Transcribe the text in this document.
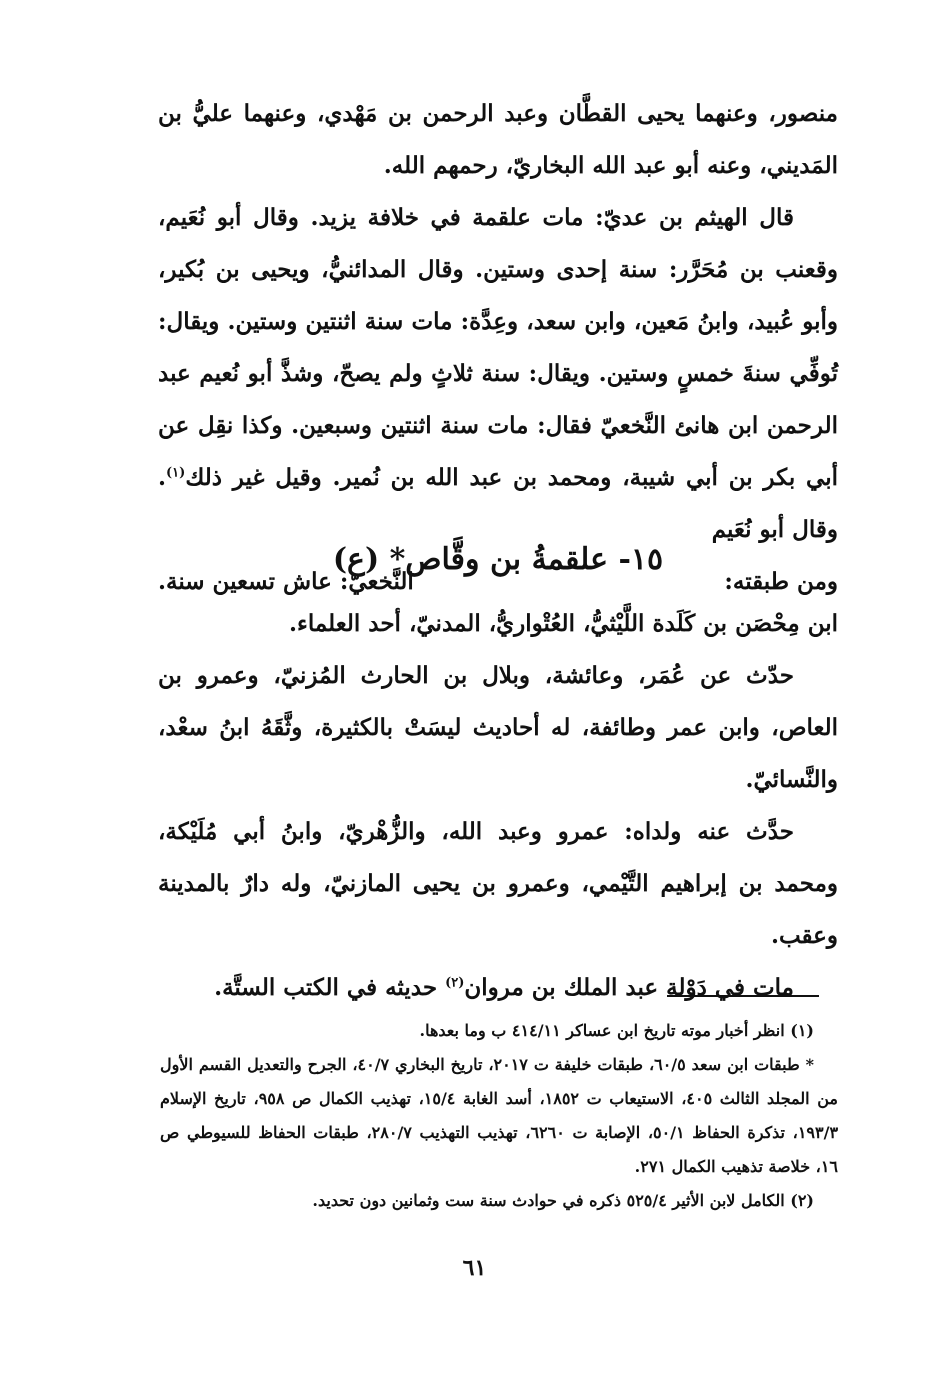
منصور، وعنهما يحيى القطَّان وعبد الرحمن بن مَهْدي، وعنهما عليُّ بن المَديني، وعنه أبو عبد الله البخاريّ، رحمهم الله.

قال الهيثم بن عديّ: مات علقمة في خلافة يزيد. وقال أبو نُعَيم، وقعنب بن مُحَرَّر: سنة إحدى وستين. وقال المدائنيُّ، ويحيى بن بُكير، وأبو عُبيد، وابنُ مَعين، وابن سعد، وعِدَّة: مات سنة اثنتين وستين. ويقال: تُوفِّي سنةَ خمسٍ وستين. ويقال: سنة ثلاثٍ ولم يصحّ، وشذَّ أبو نُعيم عبد الرحمن ابن هانئ النَّخعيّ فقال: مات سنة اثنتين وسبعين. وكذا نقِل عن أبي بكر بن أبي شيبة، ومحمد بن عبد الله بن نُمير. وقيل غير ذلك$^{(١)}$. وقال أبو نُعَيم

النَّخعيّ: عاش تسعين سنة.	ومن طبقته:
١٥- علقمةُ بن وقَّاص* (ع)

ابن مِحْصَن بن كَلَدة اللَّيْثيُّ، العُتْواريُّ، المدنيّ، أحد العلماء.

حدّث عن عُمَر، وعائشة، وبلال بن الحارث المُزنيّ، وعمرو بن العاص، وابن عمر وطائفة، له أحاديث ليسَتْ بالكثيرة، وثَّقَهُ ابنُ سعْد، والنَّسائيّ.

حدَّث عنه ولداه: عمرو وعبد الله، والزُّهْريّ، وابنُ أبي مُلَيْكة، ومحمد بن إبراهيم التَّيْمي، وعمرو بن يحيى المازنيّ، وله دارٌ بالمدينة وعقب.

مات في دَوْلة عبد الملك بن مروان$^{(٢)}$ حديثه في الكتب الستَّة.

(١) انظر أخبار موته تاريخ ابن عساكر ٤١٤/١١ ب وما بعدها.

* طبقات ابن سعد ٦٠/٥، طبقات خليفة ت ٢٠١٧، تاريخ البخاري ٤٠/٧، الجرح والتعديل القسم الأول من المجلد الثالث ٤٠٥، الاستيعاب ت ١٨٥٢، أسد الغابة ١٥/٤، تهذيب الكمال ص ٩٥٨، تاريخ الإسلام ١٩٣/٣، تذكرة الحفاظ ٥٠/١، الإصابة ت ٦٢٦٠، تهذيب التهذيب ٢٨٠/٧، طبقات الحفاظ للسيوطي ص ١٦، خلاصة تذهيب الكمال ٢٧١.

(٢) الكامل لابن الأثير ٥٢٥/٤ ذكره في حوادث سنة ست وثمانين دون تحديد.

٦١
